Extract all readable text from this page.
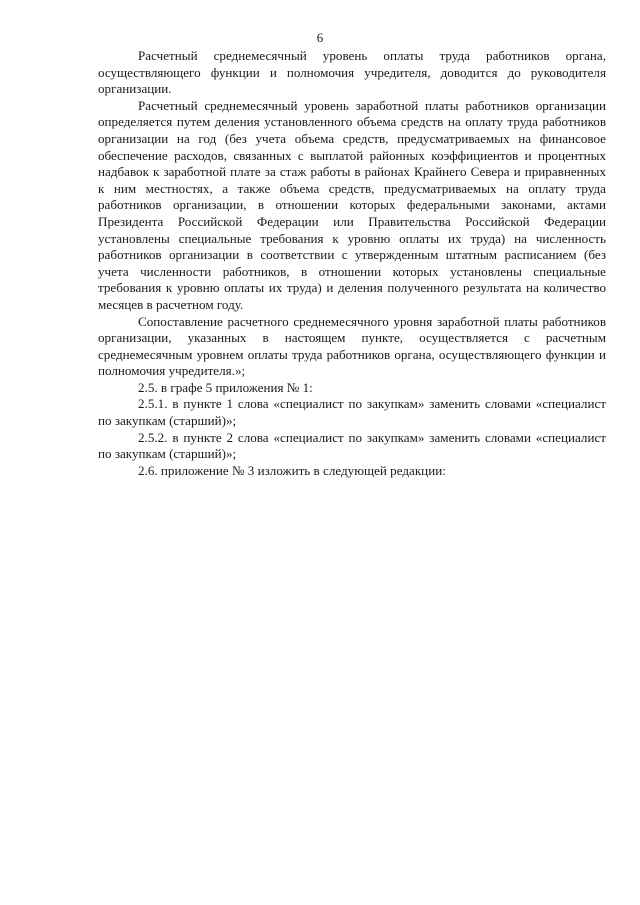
6

Расчетный среднемесячный уровень оплаты труда работников органа, осуществляющего функции и полномочия учредителя, доводится до руководителя организации.

Расчетный среднемесячный уровень заработной платы работников организации определяется путем деления установленного объема средств на оплату труда работников организации на год (без учета объема средств, предусматриваемых на финансовое обеспечение расходов, связанных с выплатой районных коэффициентов и процентных надбавок к заработной плате за стаж работы в районах Крайнего Севера и приравненных к ним местностях, а также объема средств, предусматриваемых на оплату труда работников организации, в отношении которых федеральными законами, актами Президента Российской Федерации или Правительства Российской Федерации установлены специальные требования к уровню оплаты их труда) на численность работников организации в соответствии с утвержденным штатным расписанием (без учета численности работников, в отношении которых установлены специальные требования к уровню оплаты их труда) и деления полученного результата на количество месяцев в расчетном году.

Сопоставление расчетного среднемесячного уровня заработной платы работников организации, указанных в настоящем пункте, осуществляется с расчетным среднемесячным уровнем оплаты труда работников органа, осуществляющего функции и полномочия учредителя.»;

2.5. в графе 5 приложения № 1:

2.5.1. в пункте 1 слова «специалист по закупкам» заменить словами «специалист по закупкам (старший)»;

2.5.2. в пункте 2 слова «специалист по закупкам» заменить словами «специалист по закупкам (старший)»;

2.6. приложение № 3 изложить в следующей редакции:
